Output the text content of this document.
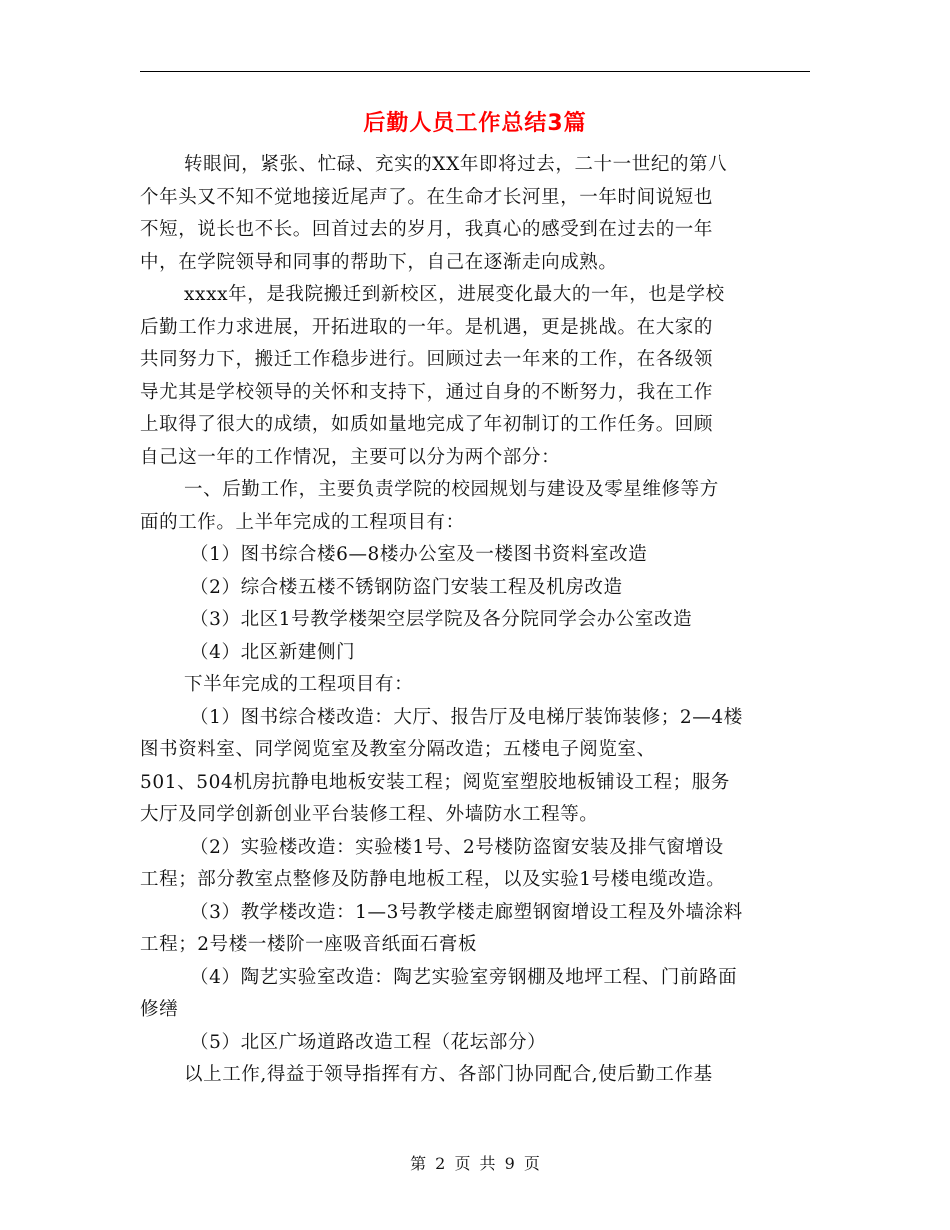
后勤人员工作总结3篇
转眼间，紧张、忙碌、充实的XX年即将过去，二十一世纪的第八
个年头又不知不觉地接近尾声了。在生命才长河里，一年时间说短也
不短，说长也不长。回首过去的岁月，我真心的感受到在过去的一年
中，在学院领导和同事的帮助下，自己在逐渐走向成熟。
xxxx年，是我院搬迁到新校区，进展变化最大的一年，也是学校
后勤工作力求进展，开拓进取的一年。是机遇，更是挑战。在大家的
共同努力下，搬迁工作稳步进行。回顾过去一年来的工作，在各级领
导尤其是学校领导的关怀和支持下，通过自身的不断努力，我在工作
上取得了很大的成绩，如质如量地完成了年初制订的工作任务。回顾
自己这一年的工作情况，主要可以分为两个部分：
一、后勤工作，主要负责学院的校园规划与建设及零星维修等方
面的工作。上半年完成的工程项目有：
（1）图书综合楼6—8楼办公室及一楼图书资料室改造
（2）综合楼五楼不锈钢防盗门安装工程及机房改造
（3）北区1号教学楼架空层学院及各分院同学会办公室改造
（4）北区新建侧门
下半年完成的工程项目有：
（1）图书综合楼改造：大厅、报告厅及电梯厅装饰装修；2—4楼
图书资料室、同学阅览室及教室分隔改造；五楼电子阅览室、
501、504机房抗静电地板安装工程；阅览室塑胶地板铺设工程；服务
大厅及同学创新创业平台装修工程、外墙防水工程等。
（2）实验楼改造：实验楼1号、2号楼防盗窗安装及排气窗增设
工程；部分教室点整修及防静电地板工程，以及实验1号楼电缆改造。
（3）教学楼改造：1—3号教学楼走廊塑钢窗增设工程及外墙涂料
工程；2号楼一楼阶一座吸音纸面石膏板
（4）陶艺实验室改造：陶艺实验室旁钢棚及地坪工程、门前路面
修缮
（5）北区广场道路改造工程（花坛部分）
以上工作,得益于领导指挥有方、各部门协同配合,使后勤工作基
第 2 页 共 9 页
